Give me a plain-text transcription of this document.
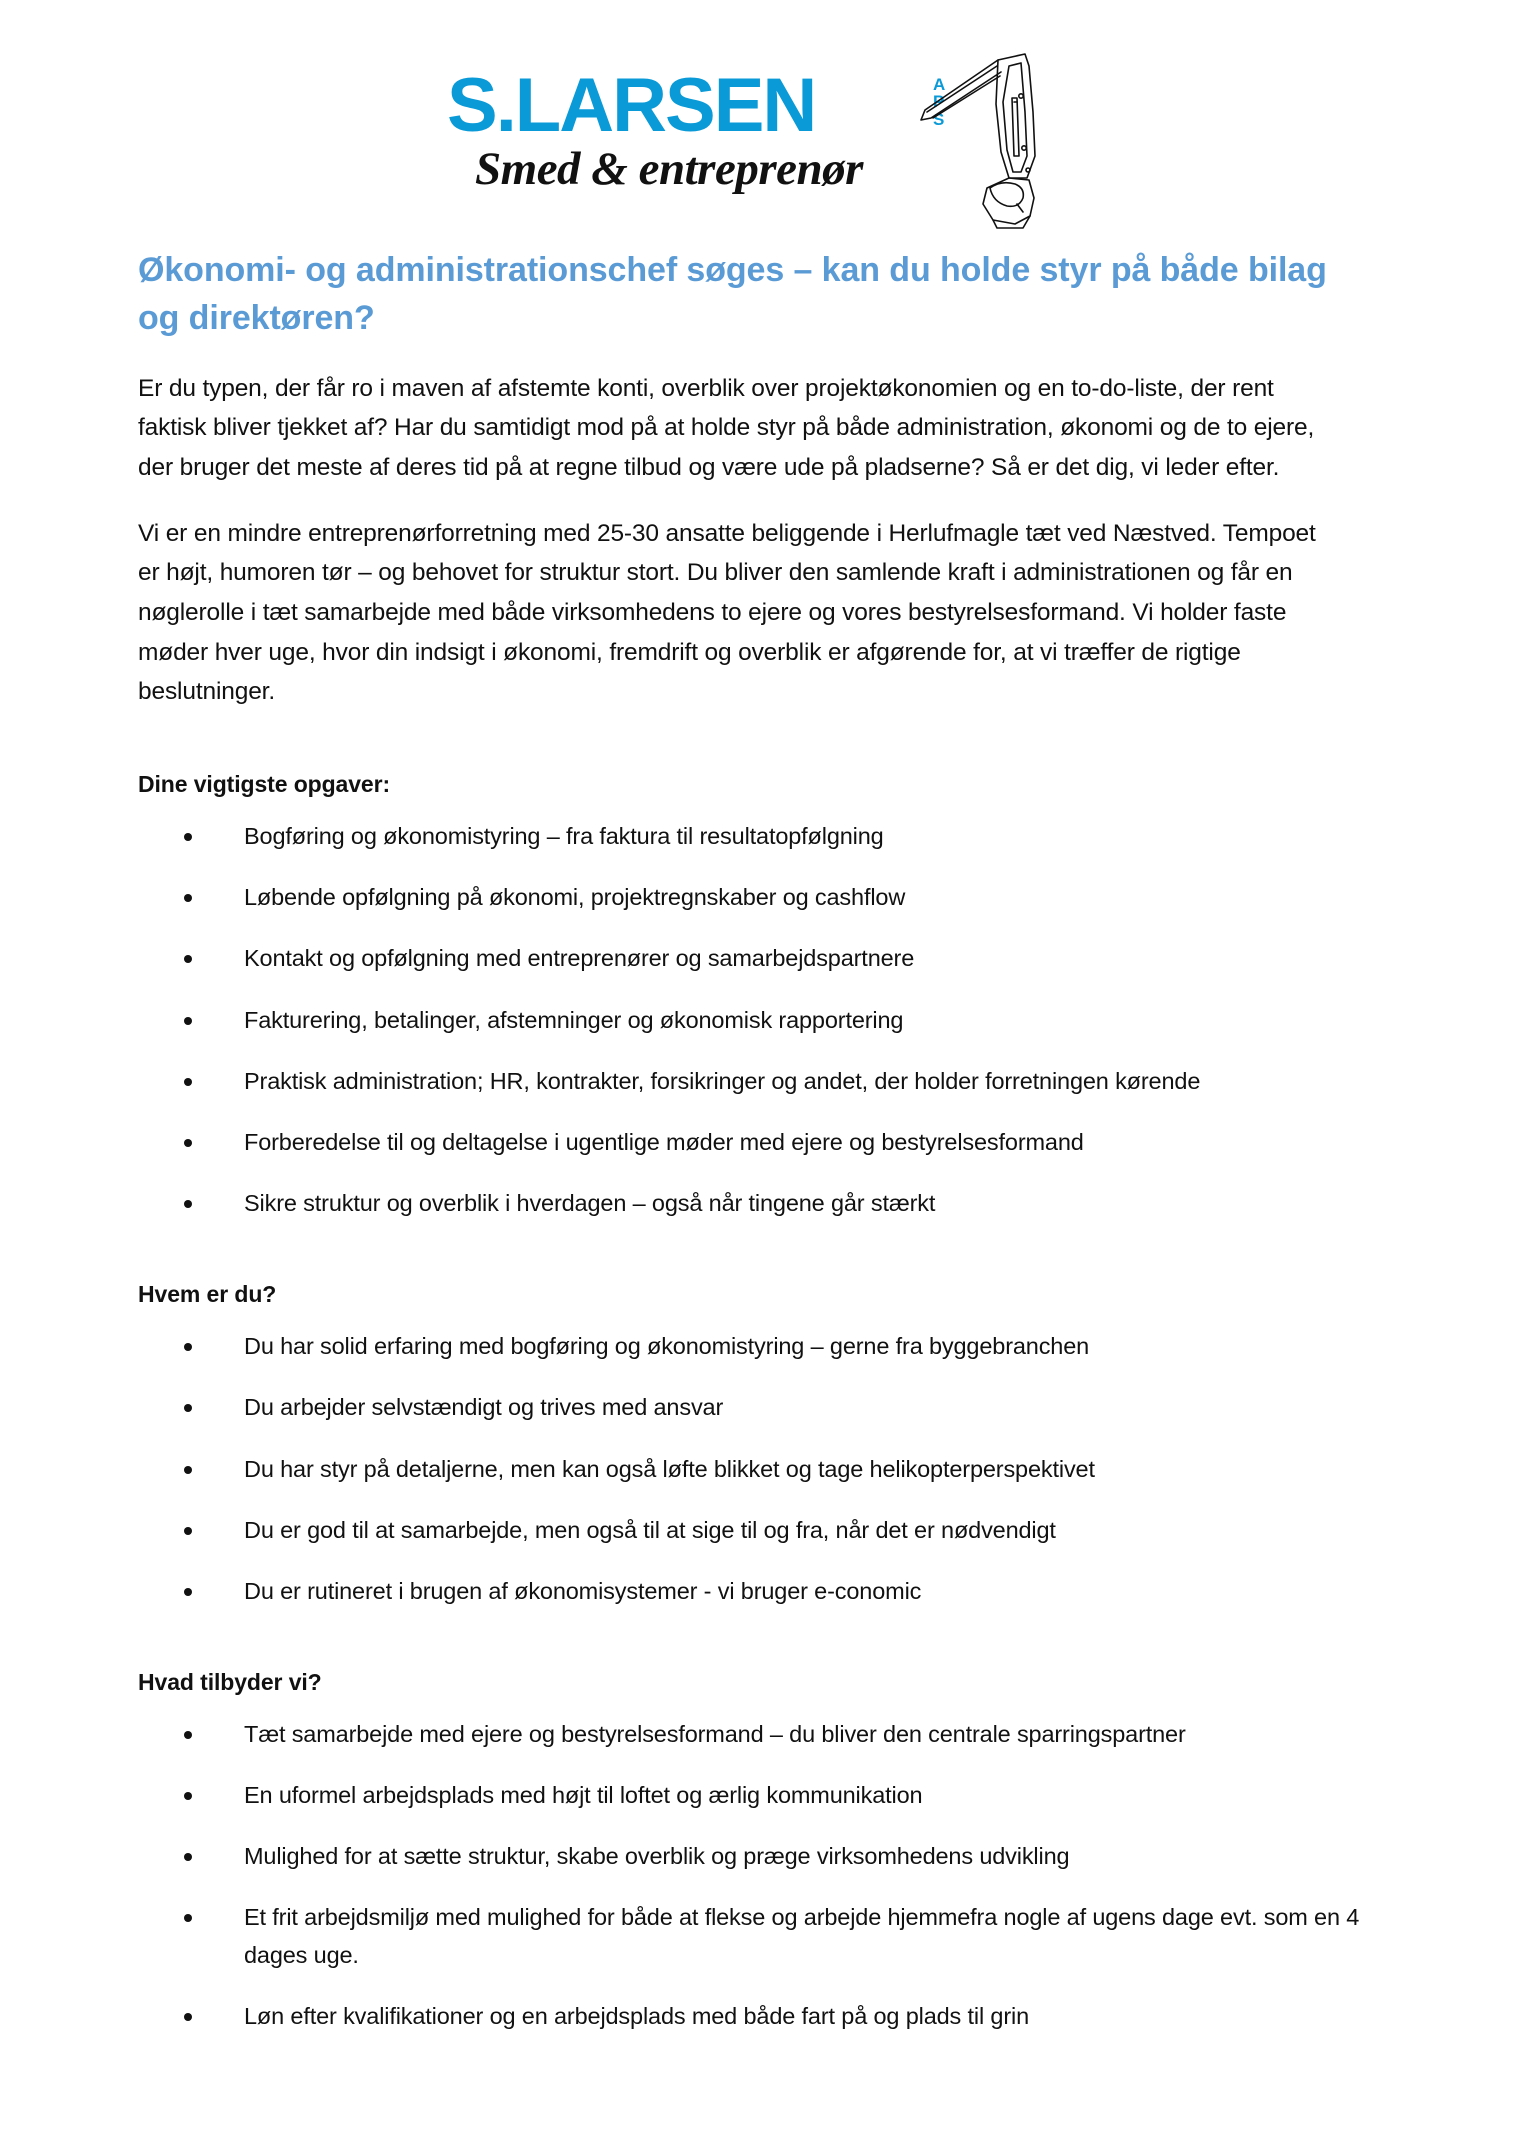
S.LARSEN	A
P
S
Smed & entreprenør
Økonomi- og administrationschef søges – kan du holde styr på både bilag og direktøren?

Er du typen, der får ro i maven af afstemte konti, overblik over projektøkonomien og en to-do-liste, der rent faktisk bliver tjekket af? Har du samtidigt mod på at holde styr på både administration, økonomi og de to ejere, der bruger det meste af deres tid på at regne tilbud og være ude på pladserne? Så er det dig, vi leder efter.

Vi er en mindre entreprenørforretning med 25-30 ansatte beliggende i Herlufmagle tæt ved Næstved. Tempoet er højt, humoren tør – og behovet for struktur stort. Du bliver den samlende kraft i administrationen og får en nøglerolle i tæt samarbejde med både virksomhedens to ejere og vores bestyrelsesformand. Vi holder faste møder hver uge, hvor din indsigt i økonomi, fremdrift og overblik er afgørende for, at vi træffer de rigtige beslutninger.

Dine vigtigste opgaver:
Bogføring og økonomistyring – fra faktura til resultatopfølgning
Løbende opfølgning på økonomi, projektregnskaber og cashflow
Kontakt og opfølgning med entreprenører og samarbejdspartnere
Fakturering, betalinger, afstemninger og økonomisk rapportering
Praktisk administration; HR, kontrakter, forsikringer og andet, der holder forretningen kørende
Forberedelse til og deltagelse i ugentlige møder med ejere og bestyrelsesformand
Sikre struktur og overblik i hverdagen – også når tingene går stærkt
Hvem er du?
Du har solid erfaring med bogføring og økonomistyring – gerne fra byggebranchen
Du arbejder selvstændigt og trives med ansvar
Du har styr på detaljerne, men kan også løfte blikket og tage helikopterperspektivet
Du er god til at samarbejde, men også til at sige til og fra, når det er nødvendigt
Du er rutineret i brugen af økonomisystemer - vi bruger e-conomic
Hvad tilbyder vi?
Tæt samarbejde med ejere og bestyrelsesformand – du bliver den centrale sparringspartner
En uformel arbejdsplads med højt til loftet og ærlig kommunikation
Mulighed for at sætte struktur, skabe overblik og præge virksomhedens udvikling
Et frit arbejdsmiljø med mulighed for både at flekse og arbejde hjemmefra nogle af ugens dage evt. som en 4 dages uge.
Løn efter kvalifikationer og en arbejdsplads med både fart på og plads til grin
